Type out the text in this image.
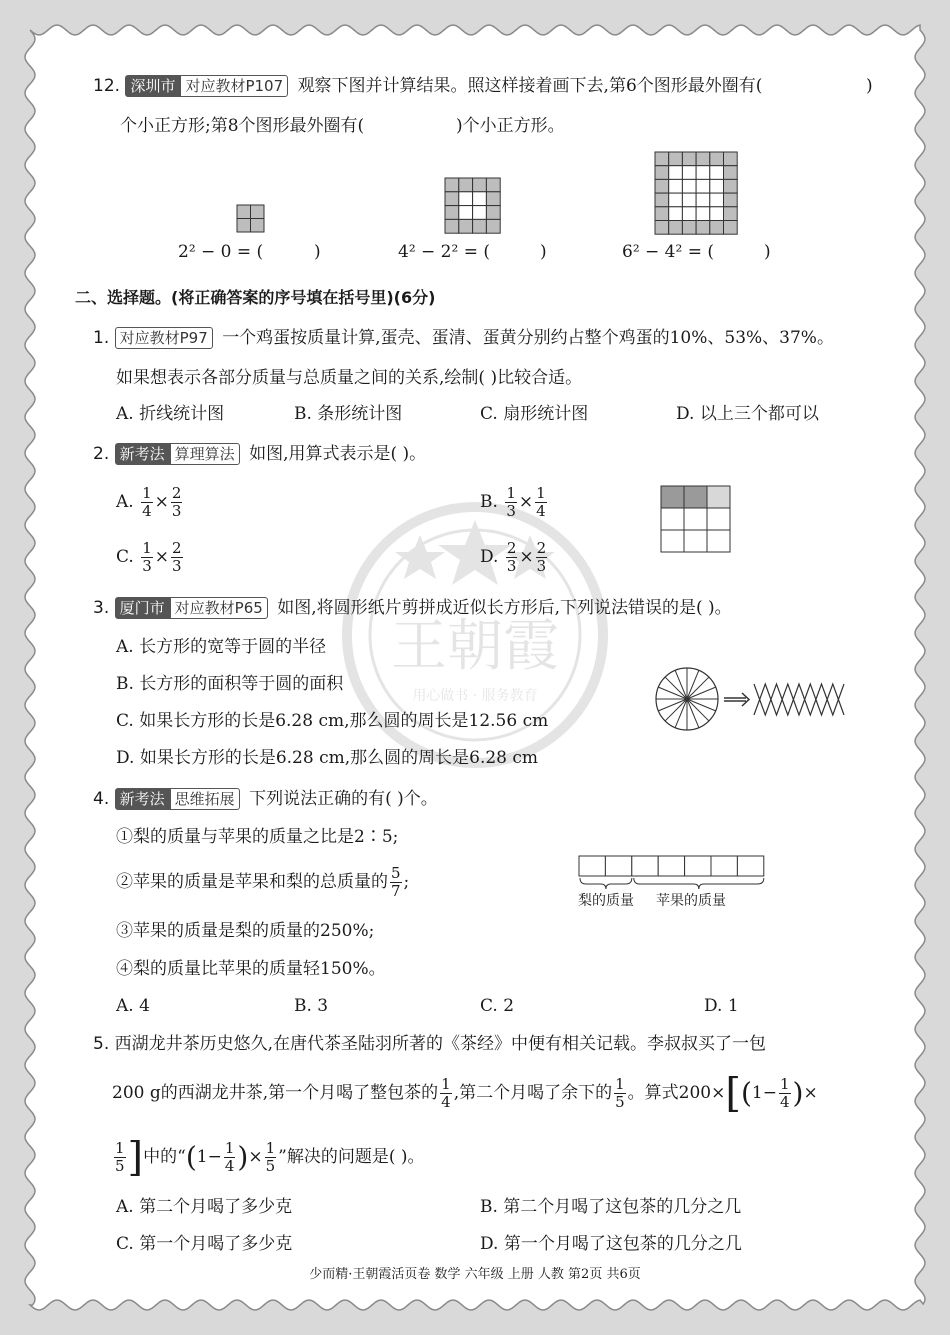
王朝霞
用心做书 · 服务教育
12. 深圳市 对应教材P107 观察下图并计算结果。照这样接着画下去,第6个图形最外圈有(	)
个小正方形;第8个图形最外圈有(	)个小正方形。
2² − 0 = (	)	4² − 2² = (	)	6² − 4² = (	)
二、选择题。(将正确答案的序号填在括号里)(6分)
1. 对应教材P97 一个鸡蛋按质量计算,蛋壳、蛋清、蛋黄分别约占整个鸡蛋的10%、53%、37%。
如果想表示各部分质量与总质量之间的关系,绘制( )比较合适。
A. 折线统计图	B. 条形统计图	C. 扇形统计图	D. 以上三个都可以
2. 新考法 算理算法 如图,用算式表示是( )。
A. $\frac{1}{4} \times \frac{2}{3}$	B. $\frac{1}{3} \times \frac{1}{4}$
C. $\frac{1}{3} \times \frac{2}{3}$	D. $\frac{2}{3} \times \frac{2}{3}$
3. 厦门市 对应教材P65 如图,将圆形纸片剪拼成近似长方形后,下列说法错误的是( )。
A. 长方形的宽等于圆的半径
B. 长方形的面积等于圆的面积
C. 如果长方形的长是6.28 cm,那么圆的周长是12.56 cm
D. 如果长方形的长是6.28 cm,那么圆的周长是6.28 cm
4. 新考法 思维拓展 下列说法正确的有( )个。
①梨的质量与苹果的质量之比是2∶5;
②苹果的质量是苹果和梨的总质量的 $\frac{5}{7}$ ;
③苹果的质量是梨的质量的250%;
④梨的质量比苹果的质量轻150%。
梨的质量 苹果的质量
A. 4	B. 3	C. 2	D. 1
5. 西湖龙井茶历史悠久,在唐代茶圣陆羽所著的《茶经》中便有相关记载。李叔叔买了一包
200 g的西湖龙井茶,第一个月喝了整包茶的 $\frac{1}{4}$ ,第二个月喝了余下的 $\frac{1}{5}$ 。算式$200\times[(1- \frac{1}{4}$ )×
$\frac{1}{5}$ ]中的“($1- \frac{1}{4}$ )× $\frac{1}{5}$ ”解决的问题是( )。
A. 第二个月喝了多少克	B. 第二个月喝了这包茶的几分之几
C. 第一个月喝了多少克	D. 第一个月喝了这包茶的几分之几
少而精·王朝霞活页卷 数学 六年级 上册 人教 第2页 共6页
